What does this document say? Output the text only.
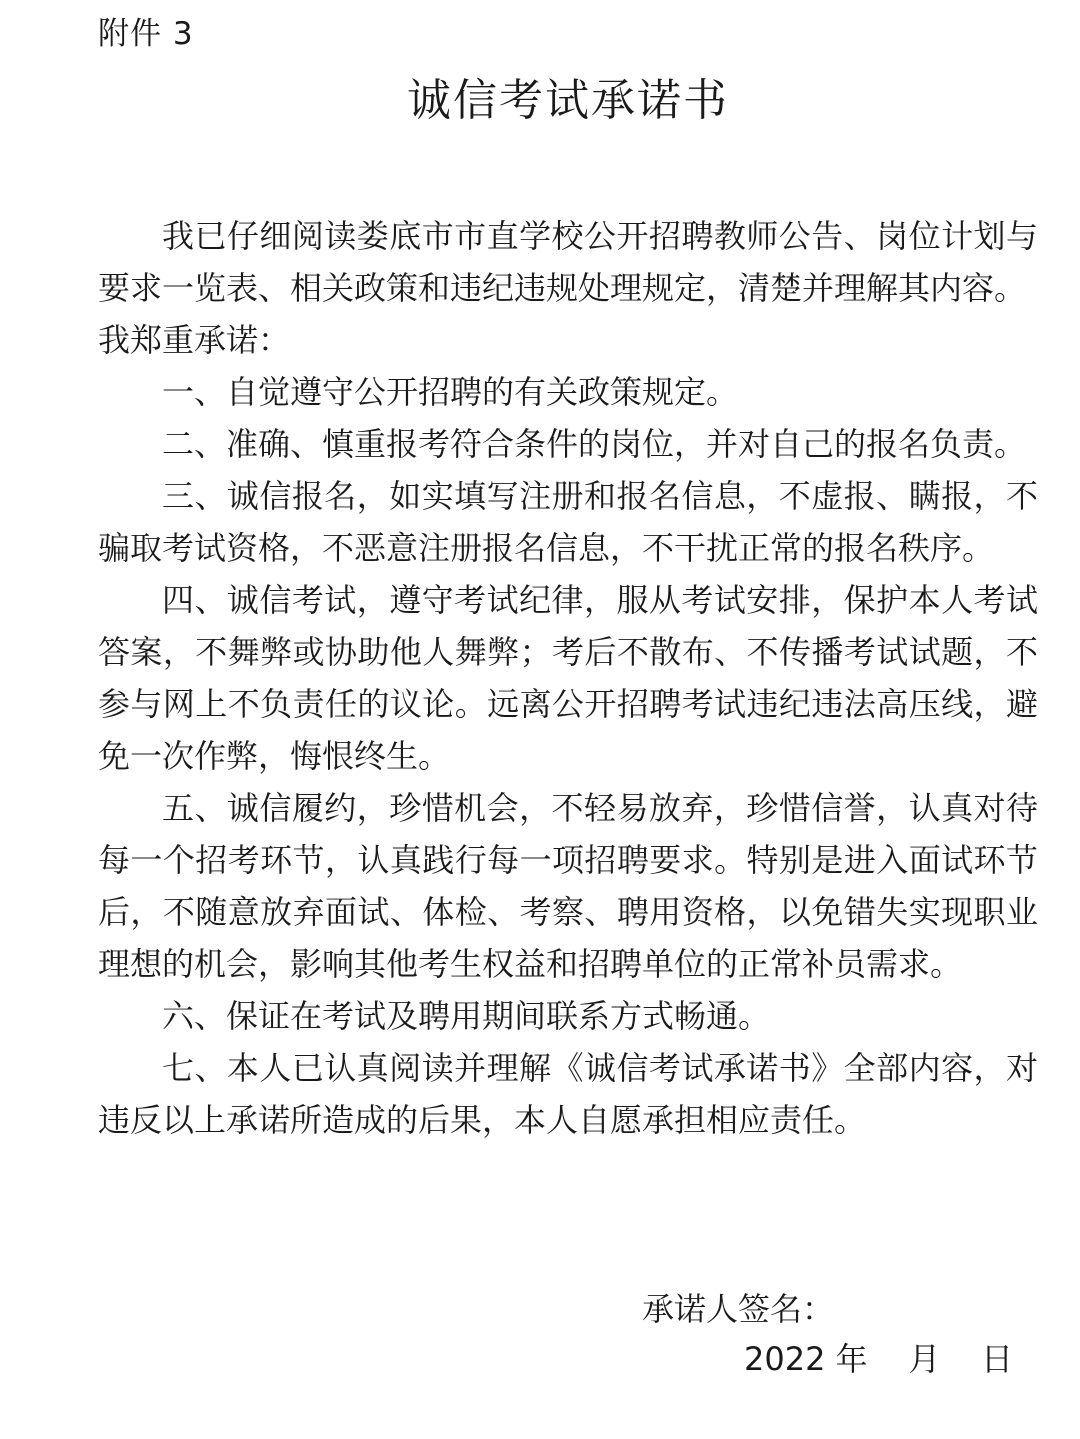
附件 3
诚信考试承诺书

我已仔细阅读娄底市市直学校公开招聘教师公告、岗位计划与要求一览表、相关政策和违纪违规处理规定，清楚并理解其内容。

我郑重承诺：

一、自觉遵守公开招聘的有关政策规定。

二、准确、慎重报考符合条件的岗位，并对自己的报名负责。

三、诚信报名，如实填写注册和报名信息，不虚报、瞒报，不骗取考试资格，不恶意注册报名信息，不干扰正常的报名秩序。

四、诚信考试，遵守考试纪律，服从考试安排，保护本人考试答案，不舞弊或协助他人舞弊；考后不散布、不传播考试试题，不参与网上不负责任的议论。远离公开招聘考试违纪违法高压线，避免一次作弊，悔恨终生。

五、诚信履约，珍惜机会，不轻易放弃，珍惜信誉，认真对待每一个招考环节，认真践行每一项招聘要求。特别是进入面试环节后，不随意放弃面试、体检、考察、聘用资格，以免错失实现职业理想的机会，影响其他考生权益和招聘单位的正常补员需求。

六、保证在考试及聘用期间联系方式畅通。

七、本人已认真阅读并理解《诚信考试承诺书》全部内容，对违反以上承诺所造成的后果，本人自愿承担相应责任。

承诺人签名：
2022 年 月 日
